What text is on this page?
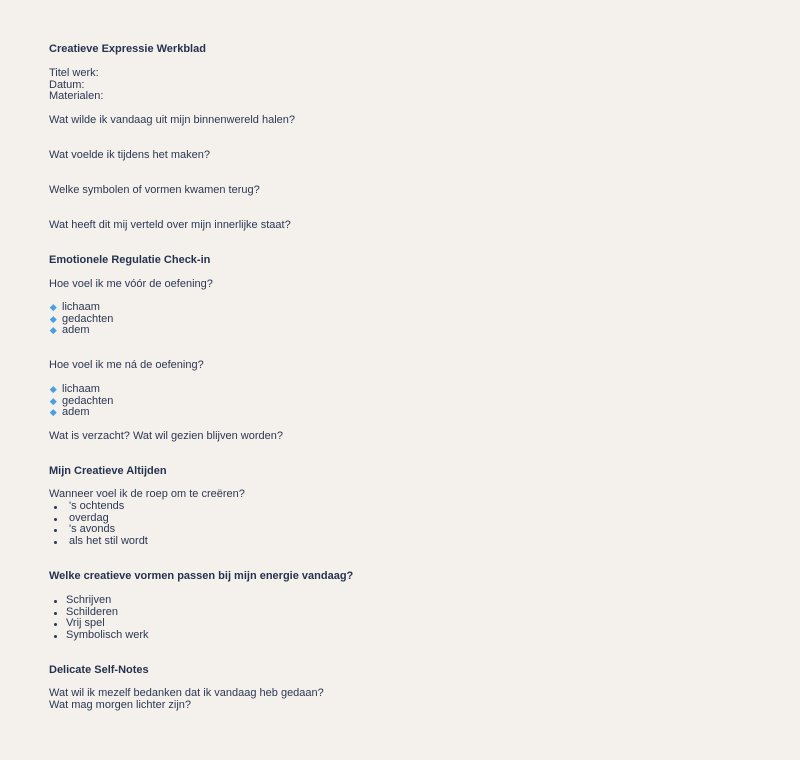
Creatieve Expressie Werkblad

Titel werk:

Datum:

Materialen:

Wat wilde ik vandaag uit mijn binnenwereld halen?

Wat voelde ik tijdens het maken?

Welke symbolen of vormen kwamen terug?

Wat heeft dit mij verteld over mijn innerlijke staat?

Emotionele Regulatie Check-in

Hoe voel ik me vóór de oefening?

lichaam
gedachten
adem

Hoe voel ik me ná de oefening?

lichaam
gedachten
adem

Wat is verzacht? Wat wil gezien blijven worden?

Mijn Creatieve Altijden

Wanneer voel ik de roep om te creëren?

's ochtends
overdag
's avonds
als het stil wordt
Welke creatieve vormen passen bij mijn energie vandaag?
Schrijven
Schilderen
Vrij spel
Symbolisch werk
Delicate Self-Notes

Wat wil ik mezelf bedanken dat ik vandaag heb gedaan?

Wat mag morgen lichter zijn?
